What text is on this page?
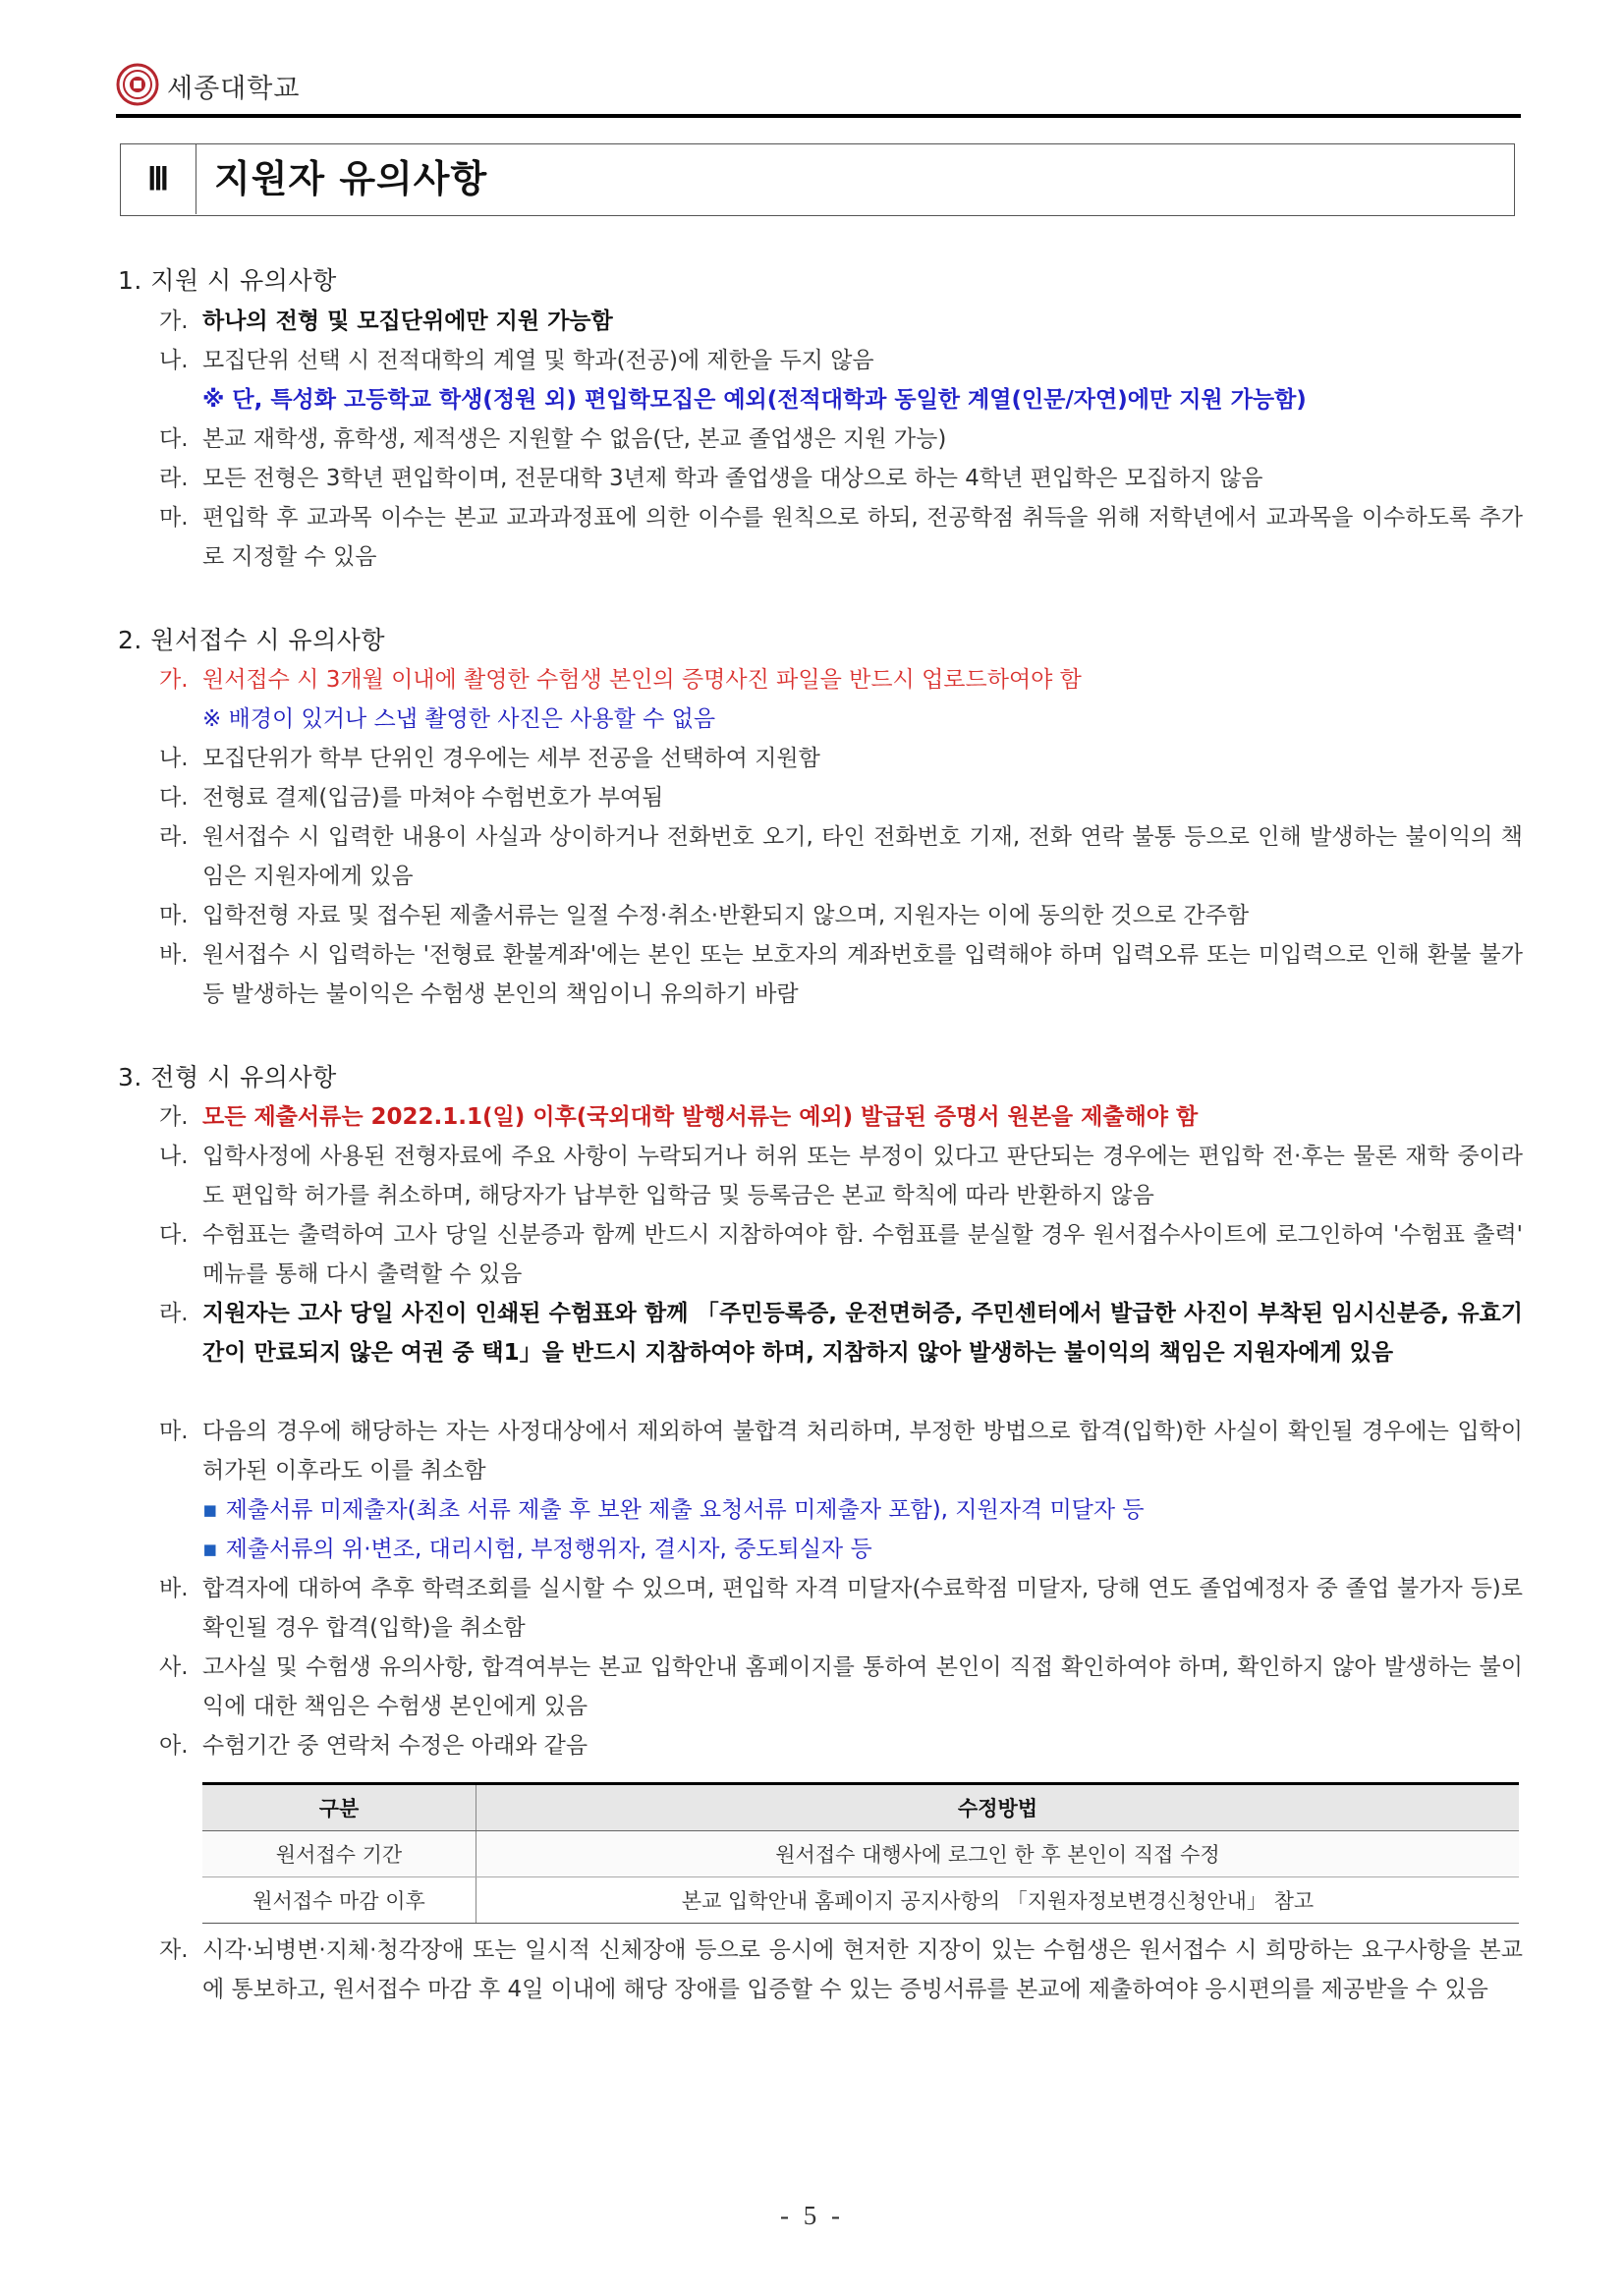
세종대학교
Ⅲ	지원자 유의사항
1. 지원 시 유의사항
가. 하나의 전형 및 모집단위에만 지원 가능함
나. 모집단위 선택 시 전적대학의 계열 및 학과(전공)에 제한을 두지 않음
※ 단, 특성화 고등학교 학생(정원 외) 편입학모집은 예외(전적대학과 동일한 계열(인문/자연)에만 지원 가능함)
다. 본교 재학생, 휴학생, 제적생은 지원할 수 없음(단, 본교 졸업생은 지원 가능)
라. 모든 전형은 3학년 편입학이며, 전문대학 3년제 학과 졸업생을 대상으로 하는 4학년 편입학은 모집하지 않음
마. 편입학 후 교과목 이수는 본교 교과과정표에 의한 이수를 원칙으로 하되, 전공학점 취득을 위해 저학년에서 교과목을 이수하도록 추가로 지정할 수 있음
2. 원서접수 시 유의사항
가. 원서접수 시 3개월 이내에 촬영한 수험생 본인의 증명사진 파일을 반드시 업로드하여야 함
※ 배경이 있거나 스냅 촬영한 사진은 사용할 수 없음
나. 모집단위가 학부 단위인 경우에는 세부 전공을 선택하여 지원함
다. 전형료 결제(입금)를 마쳐야 수험번호가 부여됨
라. 원서접수 시 입력한 내용이 사실과 상이하거나 전화번호 오기, 타인 전화번호 기재, 전화 연락 불통 등으로 인해 발생하는 불이익의 책임은 지원자에게 있음
마. 입학전형 자료 및 접수된 제출서류는 일절 수정·취소·반환되지 않으며, 지원자는 이에 동의한 것으로 간주함
바. 원서접수 시 입력하는 '전형료 환불계좌'에는 본인 또는 보호자의 계좌번호를 입력해야 하며 입력오류 또는 미입력으로 인해 환불 불가 등 발생하는 불이익은 수험생 본인의 책임이니 유의하기 바람
3. 전형 시 유의사항
가. 모든 제출서류는 2022.1.1(일) 이후(국외대학 발행서류는 예외) 발급된 증명서 원본을 제출해야 함
나. 입학사정에 사용된 전형자료에 주요 사항이 누락되거나 허위 또는 부정이 있다고 판단되는 경우에는 편입학 전·후는 물론 재학 중이라도 편입학 허가를 취소하며, 해당자가 납부한 입학금 및 등록금은 본교 학칙에 따라 반환하지 않음
다. 수험표는 출력하여 고사 당일 신분증과 함께 반드시 지참하여야 함. 수험표를 분실할 경우 원서접수사이트에 로그인하여 '수험표 출력' 메뉴를 통해 다시 출력할 수 있음
라. 지원자는 고사 당일 사진이 인쇄된 수험표와 함께 「주민등록증, 운전면허증, 주민센터에서 발급한 사진이 부착된 임시신분증, 유효기간이 만료되지 않은 여권 중 택1」을 반드시 지참하여야 하며, 지참하지 않아 발생하는 불이익의 책임은 지원자에게 있음
마. 다음의 경우에 해당하는 자는 사정대상에서 제외하여 불합격 처리하며, 부정한 방법으로 합격(입학)한 사실이 확인될 경우에는 입학이 허가된 이후라도 이를 취소함
▪ 제출서류 미제출자(최초 서류 제출 후 보완 제출 요청서류 미제출자 포함), 지원자격 미달자 등
▪ 제출서류의 위·변조, 대리시험, 부정행위자, 결시자, 중도퇴실자 등
바. 합격자에 대하여 추후 학력조회를 실시할 수 있으며, 편입학 자격 미달자(수료학점 미달자, 당해 연도 졸업예정자 중 졸업 불가자 등)로 확인될 경우 합격(입학)을 취소함
사. 고사실 및 수험생 유의사항, 합격여부는 본교 입학안내 홈페이지를 통하여 본인이 직접 확인하여야 하며, 확인하지 않아 발생하는 불이익에 대한 책임은 수험생 본인에게 있음
아. 수험기간 중 연락처 수정은 아래와 같음
구분	수정방법
원서접수 기간	원서접수 대행사에 로그인 한 후 본인이 직접 수정
원서접수 마감 이후	본교 입학안내 홈페이지 공지사항의 「지원자정보변경신청안내」 참고
자. 시각·뇌병변·지체·청각장애 또는 일시적 신체장애 등으로 응시에 현저한 지장이 있는 수험생은 원서접수 시 희망하는 요구사항을 본교에 통보하고, 원서접수 마감 후 4일 이내에 해당 장애를 입증할 수 있는 증빙서류를 본교에 제출하여야 응시편의를 제공받을 수 있음
- 5 -
